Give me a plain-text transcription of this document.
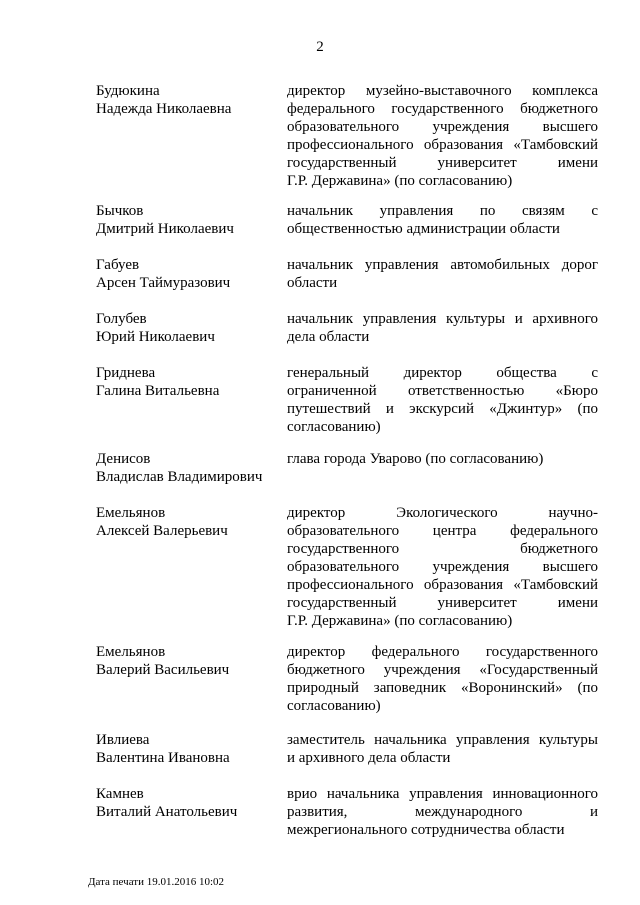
2
Будюкина
Надежда Николаевна
директор музейно-выставочного комплекса
федерального государственного бюджетного
образовательного учреждения высшего
профессионального образования «Тамбовский
государственный университет имени
Г.Р. Державина» (по согласованию)
Бычков
Дмитрий Николаевич
начальник управления по связям с
общественностью администрации области
Габуев
Арсен Таймуразович
начальник управления автомобильных дорог
области
Голубев
Юрий Николаевич
начальник управления культуры и архивного
дела области
Гриднева
Галина Витальевна
генеральный директор общества с
ограниченной ответственностью «Бюро
путешествий и экскурсий «Джинтур» (по
согласованию)
Денисов
Владислав Владимирович
глава города Уварово (по согласованию)
Емельянов
Алексей Валерьевич
директор Экологического научно-
образовательного центра федерального
государственного бюджетного
образовательного учреждения высшего
профессионального образования «Тамбовский
государственный университет имени
Г.Р. Державина» (по согласованию)
Емельянов
Валерий Васильевич
директор федерального государственного
бюджетного учреждения «Государственный
природный заповедник «Воронинский» (по
согласованию)
Ивлиева
Валентина Ивановна
заместитель начальника управления культуры
и архивного дела области
Камнев
Виталий Анатольевич
врио начальника управления инновационного
развития, международного и
межрегионального сотрудничества области
Дата печати 19.01.2016 10:02
